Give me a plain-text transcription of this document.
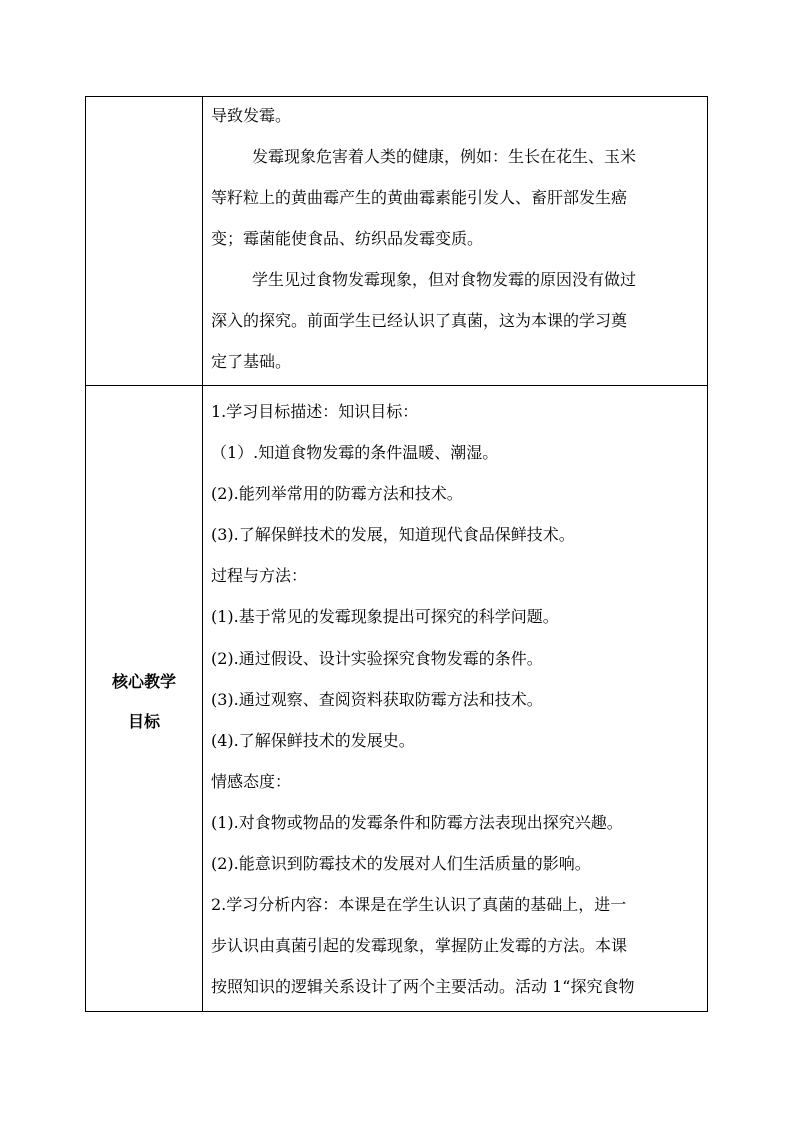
导致发霉。
发霉现象危害着人类的健康，例如：生长在花生、玉米
等籽粒上的黄曲霉产生的黄曲霉素能引发人、畜肝部发生癌
变；霉菌能使食品、纺织品发霉变质。
学生见过食物发霉现象，但对食物发霉的原因没有做过
深入的探究。前面学生已经认识了真菌，这为本课的学习奠
定了基础。
核心教学
目标
1.学习目标描述：知识目标：
（1）.知道食物发霉的条件温暖、潮湿。
(2).能列举常用的防霉方法和技术。
(3).了解保鲜技术的发展，知道现代食品保鲜技术。
过程与方法：
(1).基于常见的发霉现象提出可探究的科学问题。
(2).通过假设、设计实验探究食物发霉的条件。
(3).通过观察、查阅资料获取防霉方法和技术。
(4).了解保鲜技术的发展史。
情感态度：
(1).对食物或物品的发霉条件和防霉方法表现出探究兴趣。
(2).能意识到防霉技术的发展对人们生活质量的影响。
2.学习分析内容：本课是在学生认识了真菌的基础上，进一
步认识由真菌引起的发霉现象，掌握防止发霉的方法。本课
按照知识的逻辑关系设计了两个主要活动。活动 1“探究食物
